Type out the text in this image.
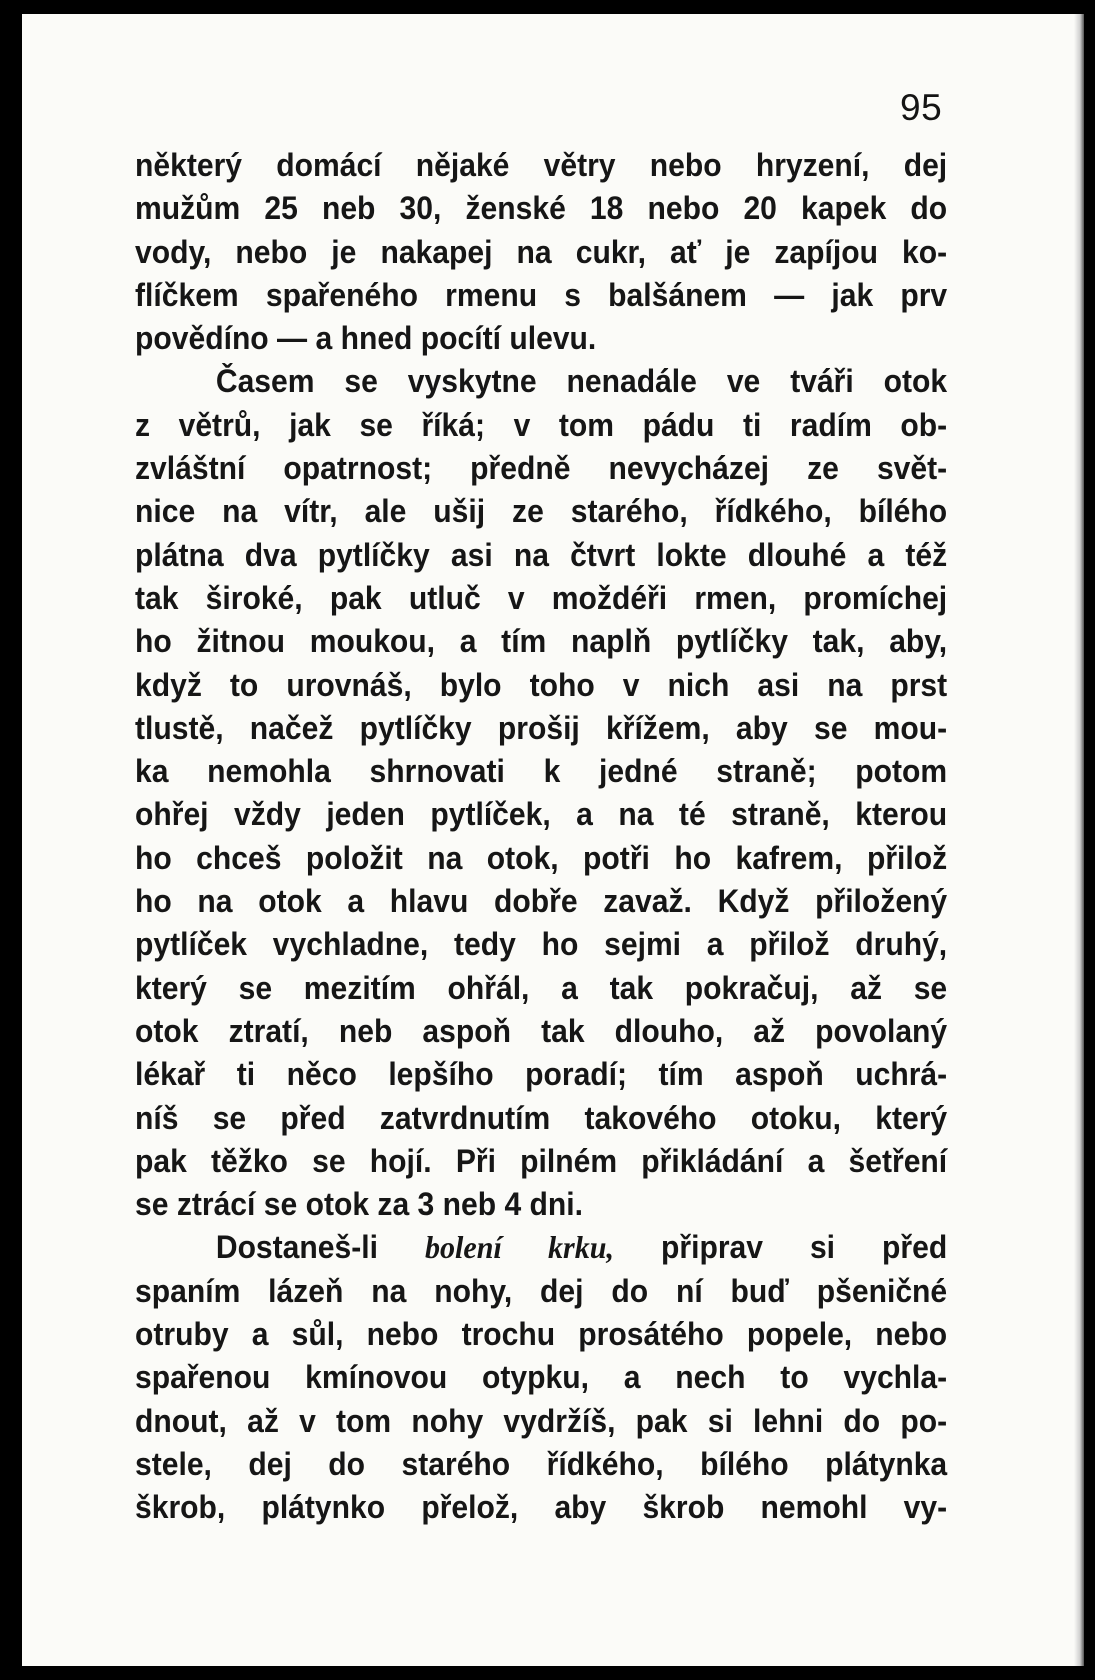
95
některý domácí nějaké větry nebo hryzení, dej
mužům 25 neb 30, ženské 18 nebo 20 kapek do
vody, nebo je nakapej na cukr, ať je zapíjou ko-
flíčkem spařeného rmenu s balšánem — jak prv
povědíno — a hned pocítí ulevu.
Časem se vyskytne nenadále ve tváři otok
z větrů, jak se říká; v tom pádu ti radím ob-
zvláštní opatrnost; předně nevycházej ze svět-
nice na vítr, ale ušij ze starého, řídkého, bílého
plátna dva pytlíčky asi na čtvrt lokte dlouhé a též
tak široké, pak utluč v moždéři rmen, promíchej
ho žitnou moukou, a tím naplň pytlíčky tak, aby,
když to urovnáš, bylo toho v nich asi na prst
tlustě, načež pytlíčky prošij křížem, aby se mou-
ka nemohla shrnovati k jedné straně; potom
ohřej vždy jeden pytlíček, a na té straně, kterou
ho chceš položit na otok, potři ho kafrem, přilož
ho na otok a hlavu dobře zavaž. Když přiložený
pytlíček vychladne, tedy ho sejmi a přilož druhý,
který se mezitím ohřál, a tak pokračuj, až se
otok ztratí, neb aspoň tak dlouho, až povolaný
lékař ti něco lepšího poradí; tím aspoň uchrá-
níš se před zatvrdnutím takového otoku, který
pak těžko se hojí. Při pilném přikládání a šetření
se ztrácí se otok za 3 neb 4 dni.
Dostaneš-li bolení krku, připrav si před
spaním lázeň na nohy, dej do ní buď pšeničné
otruby a sůl, nebo trochu prosátého popele, nebo
spařenou kmínovou otypku, a nech to vychla-
dnout, až v tom nohy vydržíš, pak si lehni do po-
stele, dej do starého řídkého, bílého plátynka
škrob, plátynko přelož, aby škrob nemohl vy-
